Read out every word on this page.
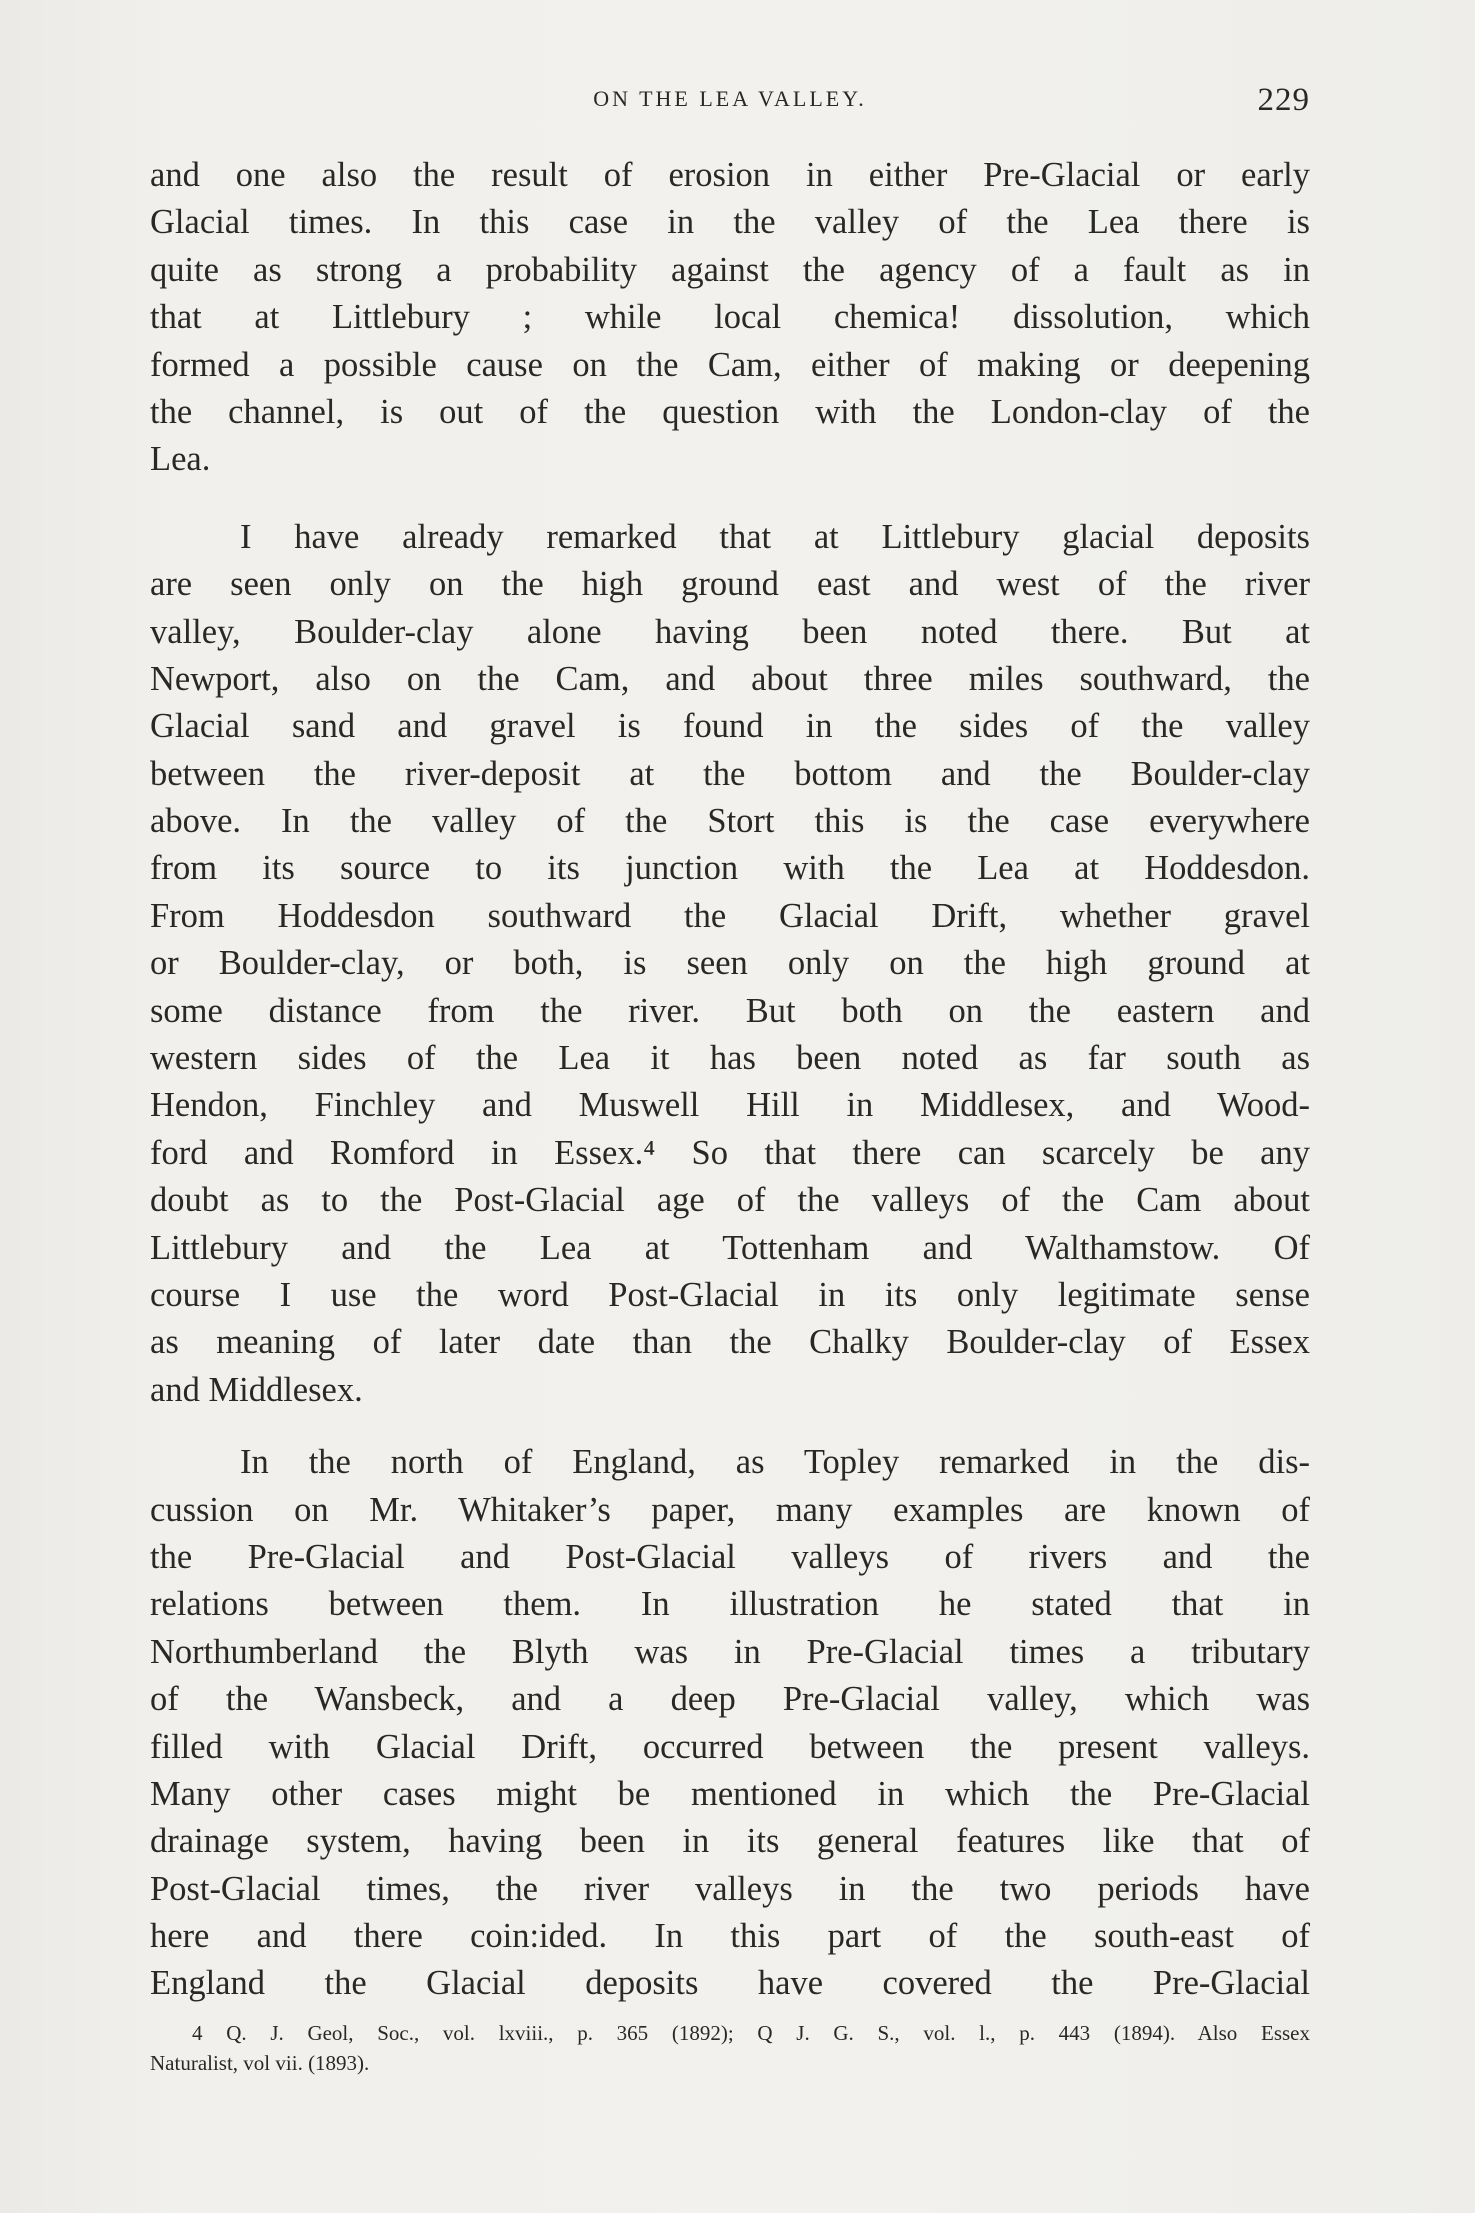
ON THE LEA VALLEY.	229
and one also the result of erosion in either Pre-Glacial or early
Glacial times. In this case in the valley of the Lea there is
quite as strong a probability against the agency of a fault as in
that at Littlebury ; while local chemica! dissolution, which
formed a possible cause on the Cam, either of making or deepening
the channel, is out of the question with the London-clay of the
Lea.
I have already remarked that at Littlebury glacial deposits
are seen only on the high ground east and west of the river
valley, Boulder-clay alone having been noted there. But at
Newport, also on the Cam, and about three miles southward, the
Glacial sand and gravel is found in the sides of the valley
between the river-deposit at the bottom and the Boulder-clay
above. In the valley of the Stort this is the case everywhere
from its source to its junction with the Lea at Hoddesdon.
From Hoddesdon southward the Glacial Drift, whether gravel
or Boulder-clay, or both, is seen only on the high ground at
some distance from the river. But both on the eastern and
western sides of the Lea it has been noted as far south as
Hendon, Finchley and Muswell Hill in Middlesex, and Wood-
ford and Romford in Essex.⁴ So that there can scarcely be any
doubt as to the Post-Glacial age of the valleys of the Cam about
Littlebury and the Lea at Tottenham and Walthamstow. Of
course I use the word Post-Glacial in its only legitimate sense
as meaning of later date than the Chalky Boulder-clay of Essex
and Middlesex.
In the north of England, as Topley remarked in the dis-
cussion on Mr. Whitaker’s paper, many examples are known of
the Pre-Glacial and Post-Glacial valleys of rivers and the
relations between them. In illustration he stated that in
Northumberland the Blyth was in Pre-Glacial times a tributary
of the Wansbeck, and a deep Pre-Glacial valley, which was
filled with Glacial Drift, occurred between the present valleys.
Many other cases might be mentioned in which the Pre-Glacial
drainage system, having been in its general features like that of
Post-Glacial times, the river valleys in the two periods have
here and there coin:ided. In this part of the south-east of
England the Glacial deposits have covered the Pre-Glacial
4 Q. J. Geol, Soc., vol. lxviii., p. 365 (1892); Q J. G. S., vol. l., p. 443 (1894). Also Essex
Naturalist, vol vii. (1893).
